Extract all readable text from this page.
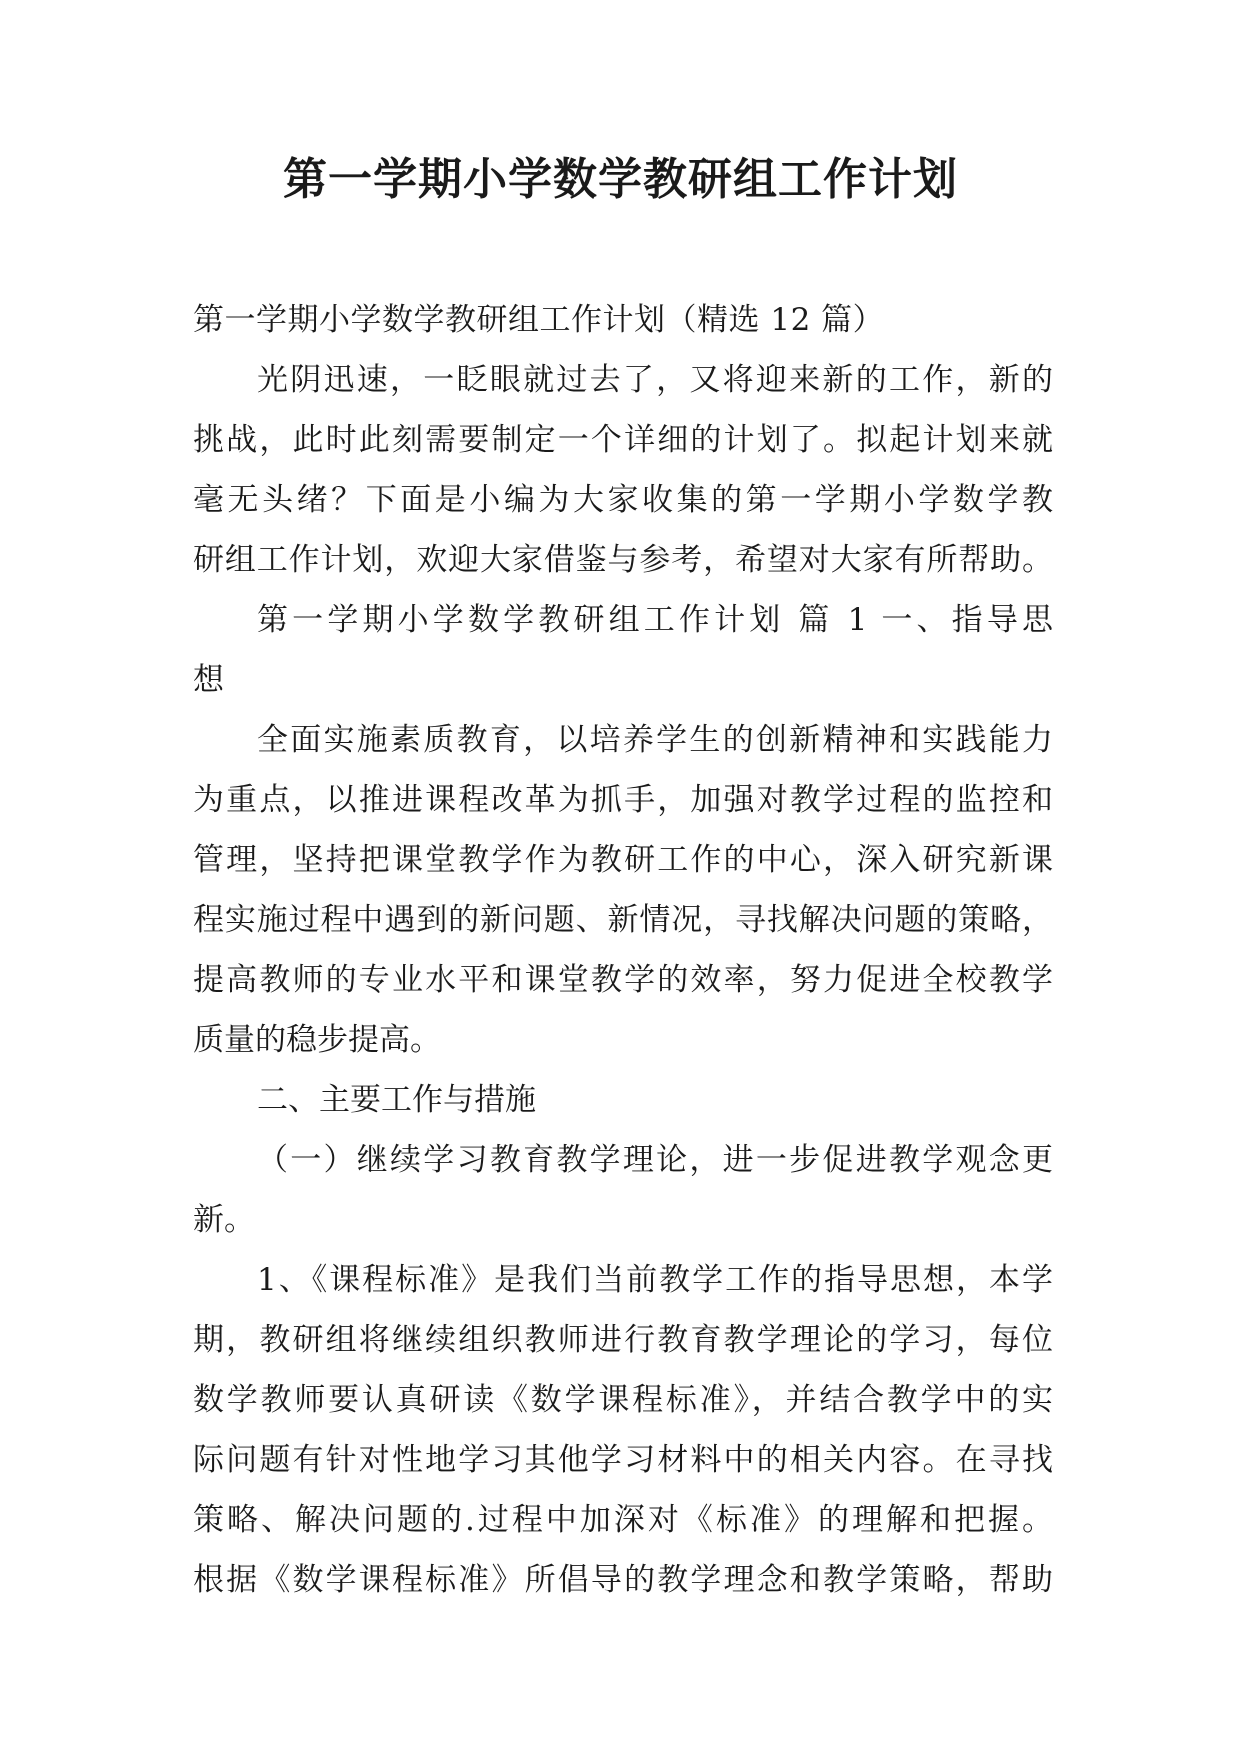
第一学期小学数学教研组工作计划
第一学期小学数学教研组工作计划（精选 12 篇）
光阴迅速，一眨眼就过去了，又将迎来新的工作，新的
挑战，此时此刻需要制定一个详细的计划了。拟起计划来就
毫无头绪？下面是小编为大家收集的第一学期小学数学教
研组工作计划，欢迎大家借鉴与参考，希望对大家有所帮助。
第一学期小学数学教研组工作计划 篇 1 一、指导思
想
全面实施素质教育，以培养学生的创新精神和实践能力
为重点，以推进课程改革为抓手，加强对教学过程的监控和
管理，坚持把课堂教学作为教研工作的中心，深入研究新课
程实施过程中遇到的新问题、新情况，寻找解决问题的策略，
提高教师的专业水平和课堂教学的效率，努力促进全校教学
质量的稳步提高。
二、主要工作与措施
（一）继续学习教育教学理论，进一步促进教学观念更
新。
1、《课程标准》是我们当前教学工作的指导思想，本学
期，教研组将继续组织教师进行教育教学理论的学习，每位
数学教师要认真研读《数学课程标准》，并结合教学中的实
际问题有针对性地学习其他学习材料中的相关内容。在寻找
策略、解决问题的.过程中加深对《标准》的理解和把握。
根据《数学课程标准》所倡导的教学理念和教学策略，帮助
